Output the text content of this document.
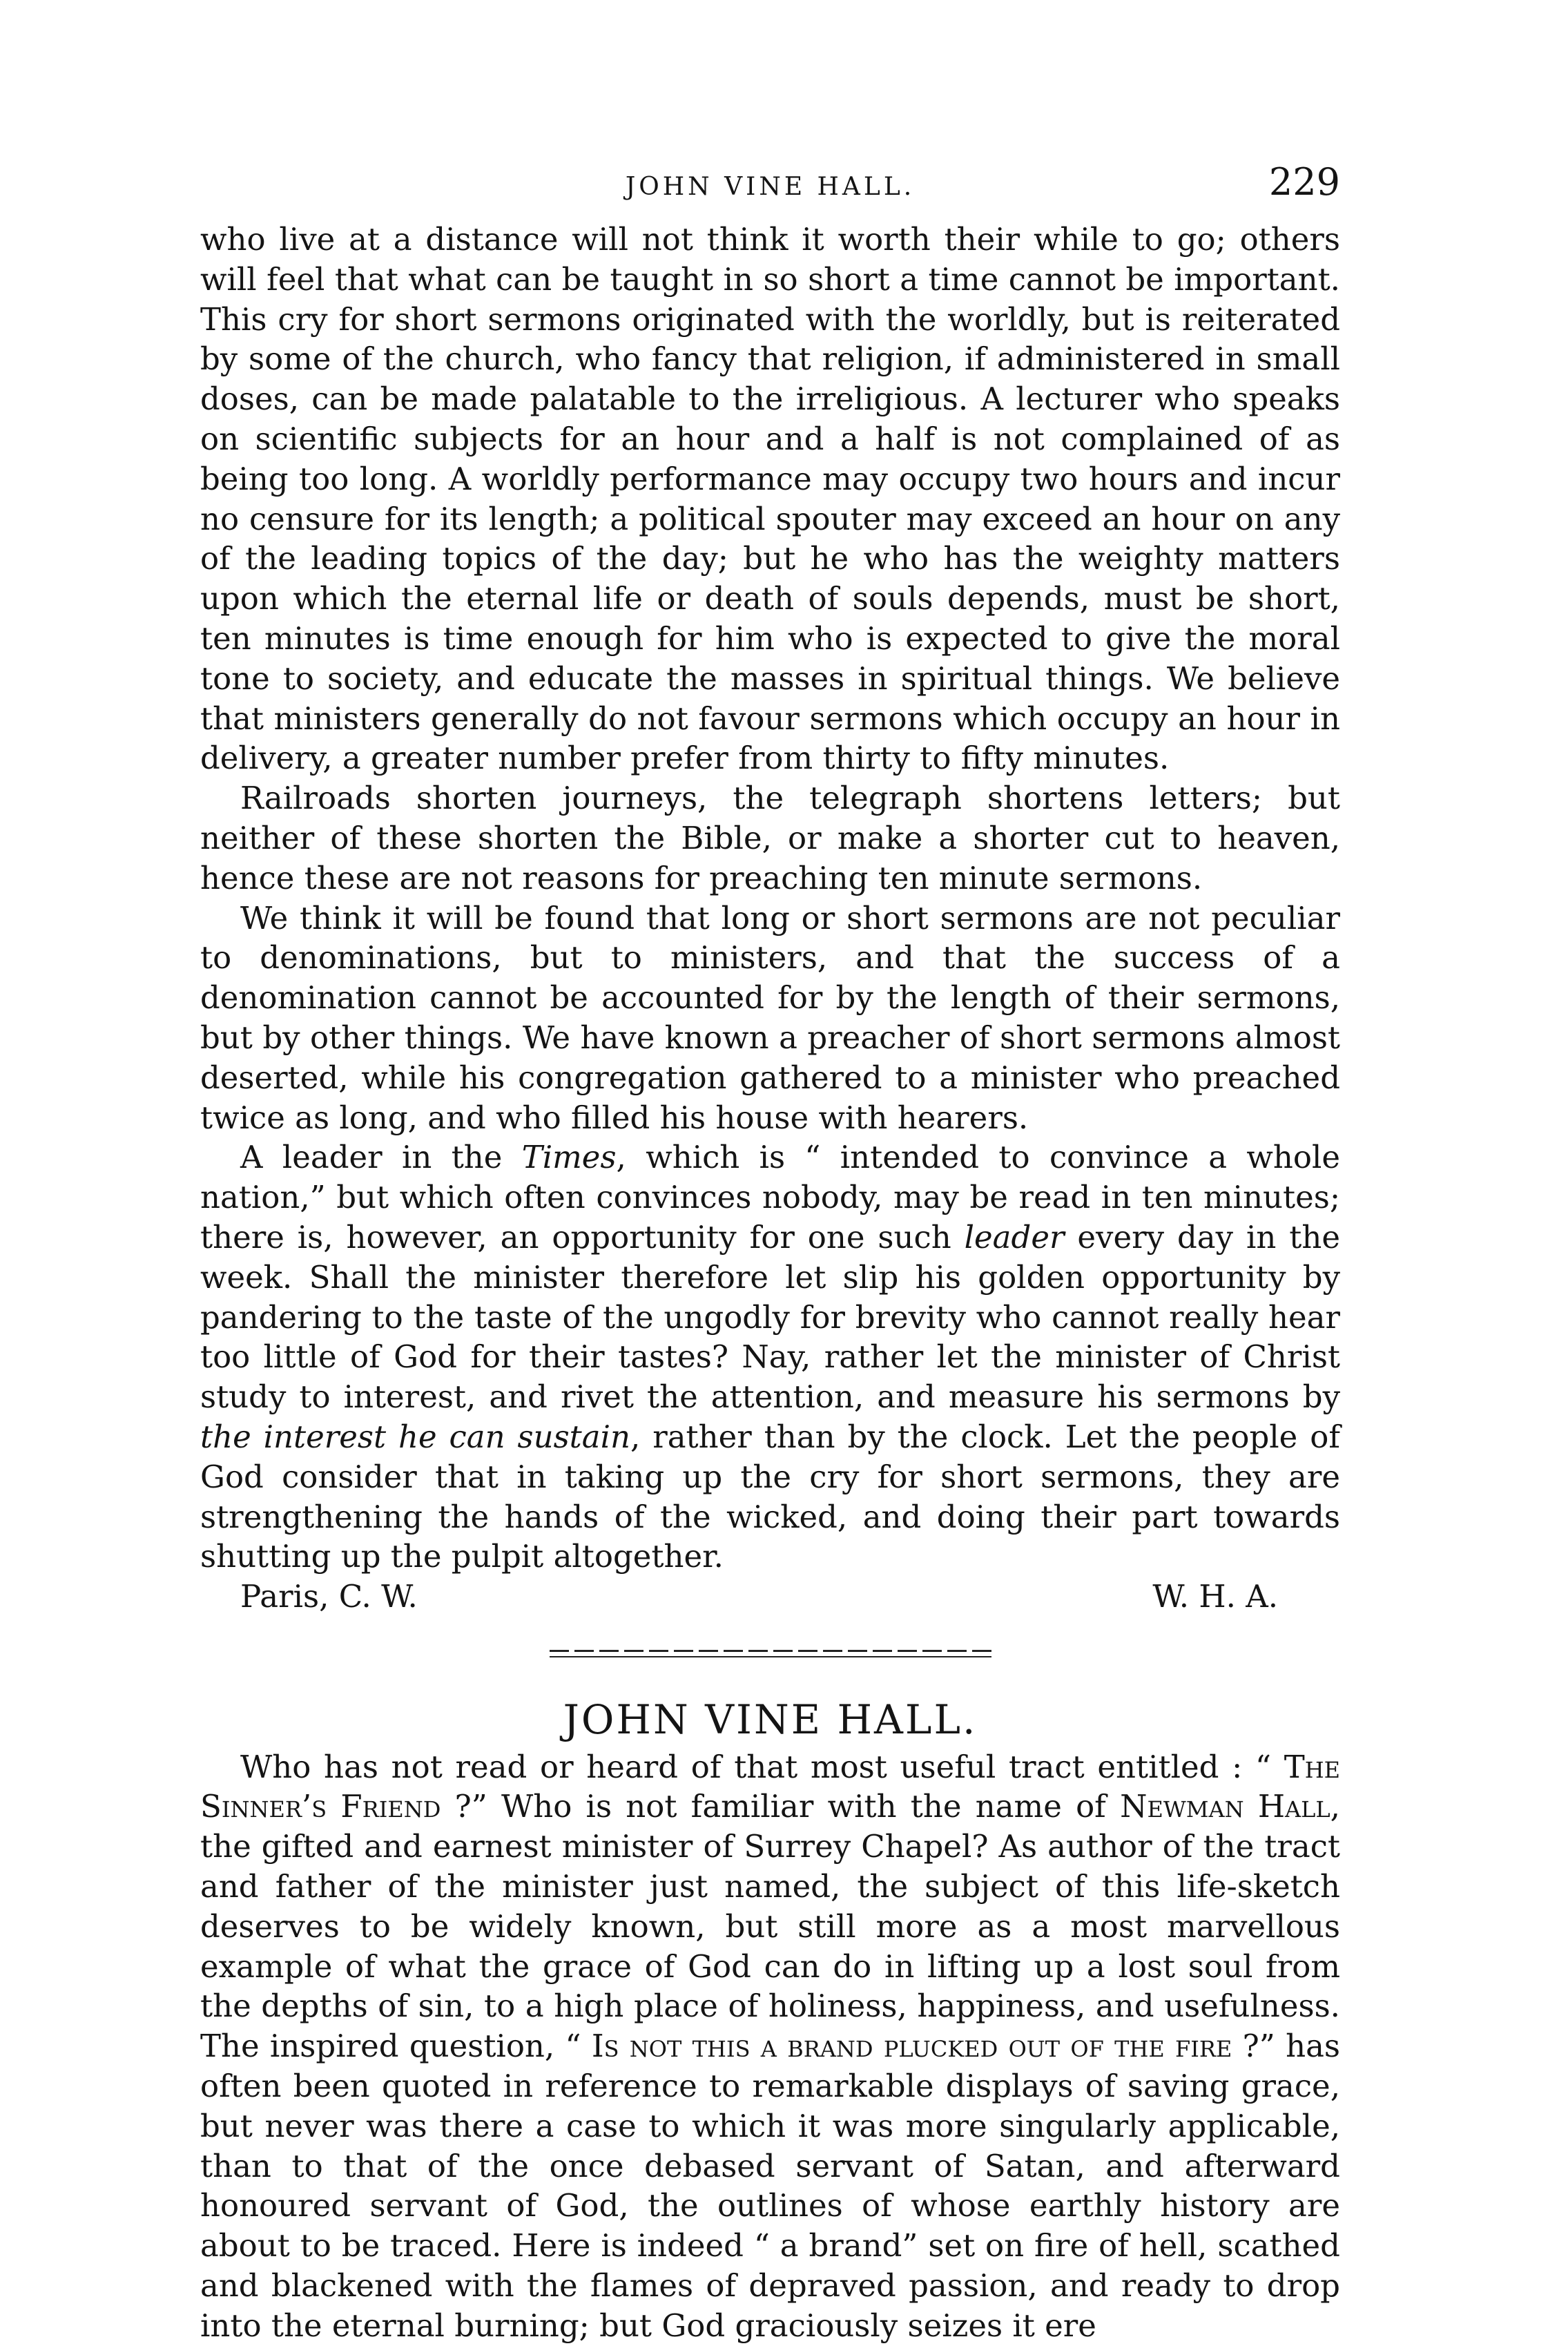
JOHN VINE HALL.	229

who live at a distance will not think it worth their while to go; others will feel that what can be taught in so short a time cannot be important. This cry for short sermons originated with the worldly, but is reiterated by some of the church, who fancy that religion, if administered in small doses, can be made palatable to the irreligious. A lecturer who speaks on scientific subjects for an hour and a half is not complained of as being too long. A worldly performance may occupy two hours and incur no censure for its length; a political spouter may exceed an hour on any of the leading topics of the day; but he who has the weighty matters upon which the eternal life or death of souls depends, must be short, ten minutes is time enough for him who is expected to give the moral tone to society, and educate the masses in spiritual things. We believe that ministers generally do not favour sermons which occupy an hour in delivery, a greater number prefer from thirty to fifty minutes.

Railroads shorten journeys, the telegraph shortens letters; but neither of these shorten the Bible, or make a shorter cut to heaven, hence these are not reasons for preaching ten minute sermons.

We think it will be found that long or short sermons are not peculiar to denominations, but to ministers, and that the success of a denomination cannot be accounted for by the length of their sermons, but by other things. We have known a preacher of short sermons almost deserted, while his congregation gathered to a minister who preached twice as long, and who filled his house with hearers.

A leader in the Times, which is “ intended to convince a whole nation,” but which often convinces nobody, may be read in ten minutes; there is, however, an opportunity for one such leader every day in the week. Shall the minister therefore let slip his golden opportunity by pandering to the taste of the ungodly for brevity who cannot really hear too little of God for their tastes? Nay, rather let the minister of Christ study to interest, and rivet the attention, and measure his sermons by the interest he can sustain, rather than by the clock. Let the people of God consider that in taking up the cry for short sermons, they are strengthening the hands of the wicked, and doing their part towards shutting up the pulpit altogether.

Paris, C. W.	W. H. A.
JOHN VINE HALL.

Who has not read or heard of that most useful tract entitled : “ The Sinner’s Friend ?” Who is not familiar with the name of Newman Hall, the gifted and earnest minister of Surrey Chapel? As author of the tract and father of the minister just named, the subject of this life-sketch deserves to be widely known, but still more as a most marvellous example of what the grace of God can do in lifting up a lost soul from the depths of sin, to a high place of holiness, happiness, and usefulness. The inspired question, “ Is not this a brand plucked out of the fire ?” has often been quoted in reference to remarkable displays of saving grace, but never was there a case to which it was more singularly applicable, than to that of the once debased servant of Satan, and afterward honoured servant of God, the outlines of whose earthly history are about to be traced. Here is indeed “ a brand” set on fire of hell, scathed and blackened with the flames of depraved passion, and ready to drop into the eternal burning; but God graciously seizes it ere
